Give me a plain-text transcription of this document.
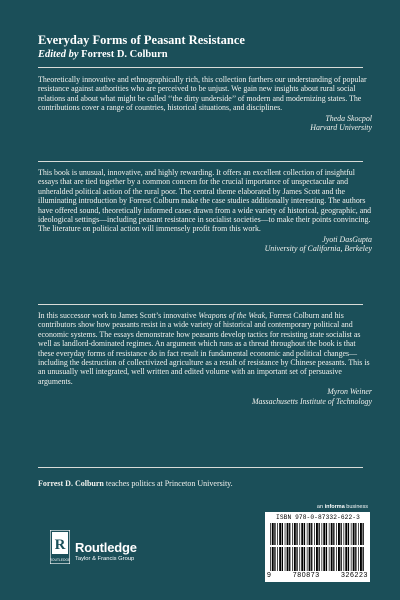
Everyday Forms of Peasant Resistance
Edited by Forrest D. Colburn

Theoretically innovative and ethnographically rich, this collection furthers our understanding of popular resistance against authorities who are perceived to be unjust. We gain new insights about rural social relations and about what might be called ‘‘the dirty underside’’ of modern and modernizing states. The contributions cover a range of countries, historical situations, and disciplines.

Theda Skocpol
Harvard University

This book is unusual, innovative, and highly rewarding. It offers an excellent collection of insightful essays that are tied together by a common concern for the crucial importance of unspectacular and unheralded political action of the rural poor. The central theme elaborated by James Scott and the illuminating introduction by Forrest Colburn make the case studies additionally interesting. The authors have offered sound, theoretically informed cases drawn from a wide variety of historical, geographic, and ideological settings—including peasant resistance in socialist societies—to make their points convincing. The literature on political action will immensely profit from this work.

Jyoti DasGupta
University of California, Berkeley

In this successor work to James Scott’s innovative Weapons of the Weak, Forrest Colburn and his contributors show how peasants resist in a wide variety of historical and contemporary political and economic systems. The essays demonstrate how peasants develop tactics for resisting state socialist as well as landlord-dominated regimes. An argument which runs as a thread throughout the book is that these everyday forms of resistance do in fact result in fundamental economic and political changes—including the destruction of collectivized agriculture as a result of resistance by Chinese peasants. This is an unusually well integrated, well written and edited volume with an important set of persuasive arguments.

Myron Weiner
Massachusetts Institute of Technology
Forrest D. Colburn teaches politics at Princeton University.
an informa business
ISBN 978-0-87332-622-3
9	780873	326223
R
ROUTLEDGE
Routledge
Taylor & Francis Group
